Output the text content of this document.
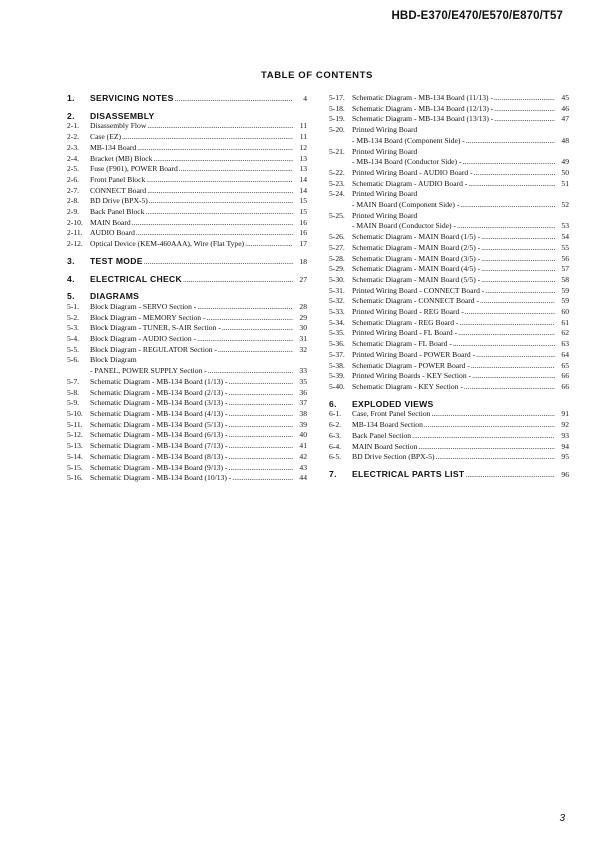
HBD-E370/E470/E570/E870/T57
TABLE OF CONTENTS
1.	SERVICING NOTES .....	4
2.	DISASSEMBLY
2-1.	Disassembly Flow .....	11
2-2.	Case (EZ) .....	11
2-3.	MB-134 Board .....	12
2-4.	Bracket (MB) Block .....	13
2-5.	Fuse (F901), POWER Board .....	13
2-6.	Front Panel Block .....	14
2-7.	CONNECT Board .....	14
2-8.	BD Drive (BPX-5) .....	15
2-9.	Back Panel Block .....	15
2-10. MAIN Board .....	16
2-11. AUDIO Board .....	16
2-12. Optical Device (KEM-460AAA), Wire (Flat Type) .....	17
3.	TEST MODE .....	18
4.	ELECTRICAL CHECK .....	27
5.	DIAGRAMS
5-1.	Block Diagram - SERVO Section - .....	28
5-2.	Block Diagram - MEMORY Section - .....	29
5-3.	Block Diagram - TUNER, S-AIR Section - .....	30
5-4.	Block Diagram - AUDIO Section - .....	31
5-5.	Block Diagram - REGULATOR Section - .....	32
5-6.	Block Diagram
- PANEL, POWER SUPPLY Section - .....	33
5-7.	Schematic Diagram - MB-134 Board (1/13) - .....	35
5-8.	Schematic Diagram - MB-134 Board (2/13) - .....	36
5-9.	Schematic Diagram - MB-134 Board (3/13) - .....	37
5-10. Schematic Diagram - MB-134 Board (4/13) - .....	38
5-11. Schematic Diagram - MB-134 Board (5/13) - .....	39
5-12. Schematic Diagram - MB-134 Board (6/13) - .....	40
5-13. Schematic Diagram - MB-134 Board (7/13) - .....	41
5-14. Schematic Diagram - MB-134 Board (8/13) - .....	42
5-15. Schematic Diagram - MB-134 Board (9/13) - .....	43
5-16. Schematic Diagram - MB-134 Board (10/13) - .....	44
5-17. Schematic Diagram - MB-134 Board (11/13) - .....	45
5-18. Schematic Diagram - MB-134 Board (12/13) - .....	46
5-19. Schematic Diagram - MB-134 Board (13/13) - .....	47
5-20. Printed Wiring Board
- MB-134 Board (Component Side) - .....	48
5-21. Printed Wiring Board
- MB-134 Board (Conductor Side) - .....	49
5-22. Printed Wiring Board - AUDIO Board - .....	50
5-23. Schematic Diagram - AUDIO Board - .....	51
5-24. Printed Wiring Board
- MAIN Board (Component Side) - .....	52
5-25. Printed Wiring Board
- MAIN Board (Conductor Side) - .....	53
5-26. Schematic Diagram - MAIN Board (1/5) - .....	54
5-27. Schematic Diagram - MAIN Board (2/5) - .....	55
5-28. Schematic Diagram - MAIN Board (3/5) - .....	56
5-29. Schematic Diagram - MAIN Board (4/5) - .....	57
5-30. Schematic Diagram - MAIN Board (5/5) - .....	58
5-31. Printed Wiring Board - CONNECT Board - .....	59
5-32. Schematic Diagram - CONNECT Board - .....	59
5-33. Printed Wiring Board - REG Board - .....	60
5-34. Schematic Diagram - REG Board - .....	61
5-35. Printed Wiring Board - FL Board - .....	62
5-36. Schematic Diagram - FL Board - .....	63
5-37. Printed Wiring Board - POWER Board - .....	64
5-38. Schematic Diagram - POWER Board - .....	65
5-39. Printed Wiring Boards - KEY Section - .....	66
5-40. Schematic Diagram - KEY Section - .....	66
6.	EXPLODED VIEWS
6-1.	Case, Front Panel Section .....	91
6-2.	MB-134 Board Section .....	92
6-3.	Back Panel Section .....	93
6-4.	MAIN Board Section .....	94
6-5.	BD Drive Section (BPX-5) .....	95
7.	ELECTRICAL PARTS LIST .....	96
3
